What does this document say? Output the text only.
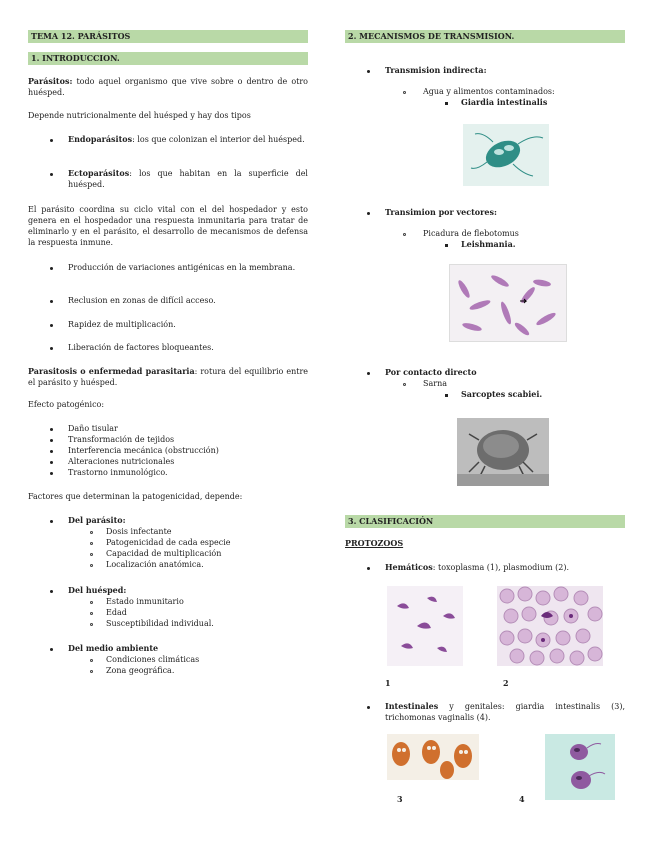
TEMA 12. PARÁSITOS
1. INTRODUCCION.
Parásitos: todo aquel organismo que vive sobre o dentro de otro huésped.
Depende nutricionalmente del huésped y hay dos tipos
Endoparásitos: los que colonizan el interior del huésped.
Ectoparásitos: los que habitan en la superficie del huésped.
El parásito coordina su ciclo vital con el del hospedador y esto genera en el hospedador una respuesta inmunitaria para tratar de eliminarlo y en el parásito, el desarrollo de mecanismos de defensa la respuesta inmune.
Producción de variaciones antigénicas en la membrana.
Reclusion en zonas de difícil acceso.
Rapidez de multiplicación.
Liberación de factores bloqueantes.
Parasitosis o enfermedad parasitaria: rotura del equilibrio entre el parásito y huésped.
Efecto patogénico:
Daño tisular
Transformación de tejidos
Interferencia mecánica (obstrucción)
Alteraciones nutricionales
Trastorno inmunológico.
Factores que determinan la patogenicidad, depende:
Del parásito:
Dosis infectante
Patogenicidad de cada especie
Capacidad de multiplicación
Localización anatómica.
Del huésped:
Estado inmunitario
Edad
Susceptibilidad individual.
Del medio ambiente
Condiciones climáticas
Zona geográfica.
2. MECANISMOS DE TRANSMISION.
Transmision indirecta:
Agua y alimentos contaminados:
Giardia intestinalis
Transimion por vectores:
Picadura de flebotomus
Leishmania.
Por contacto directo
Sarna
Sarcoptes scabiei.
3. CLASIFICACIÓN
PROTOZOOS
Hemáticos: toxoplasma (1), plasmodium (2).
1	2
Intestinales y genitales: giardia intestinalis (3), trichomonas vaginalis (4).
3	4
